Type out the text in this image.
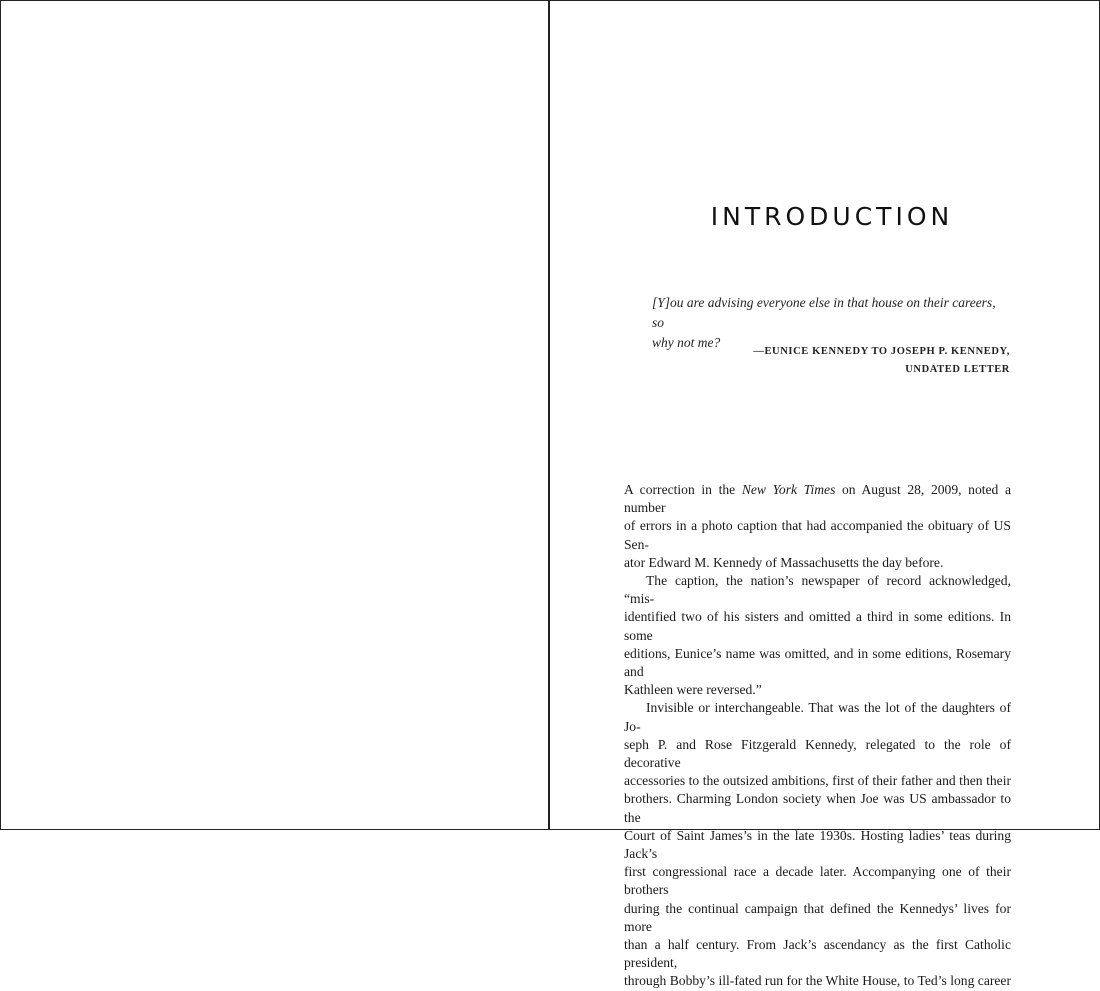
INTRODUCTION
[Y]ou are advising everyone else in that house on their careers, so
why not me?
—EUNICE KENNEDY TO JOSEPH P. KENNEDY,
UNDATED LETTER

A correction in the New York Times on August 28, 2009, noted a number
of errors in a photo caption that had accompanied the obituary of US Sen-
ator Edward M. Kennedy of Massachusetts the day before.

The caption, the nation’s newspaper of record acknowledged, “mis-
identified two of his sisters and omitted a third in some editions. In some
editions, Eunice’s name was omitted, and in some editions, Rosemary and
Kathleen were reversed.”

Invisible or interchangeable. That was the lot of the daughters of Jo-
seph P. and Rose Fitzgerald Kennedy, relegated to the role of decorative
accessories to the outsized ambitions, first of their father and then their
brothers. Charming London society when Joe was US ambassador to the
Court of Saint James’s in the late 1930s. Hosting ladies’ teas during Jack’s
first congressional race a decade later. Accompanying one of their brothers
during the continual campaign that defined the Kennedys’ lives for more
than a half century. From Jack’s ascendancy as the first Catholic president,
through Bobby’s ill-fated run for the White House, to Ted’s long career
